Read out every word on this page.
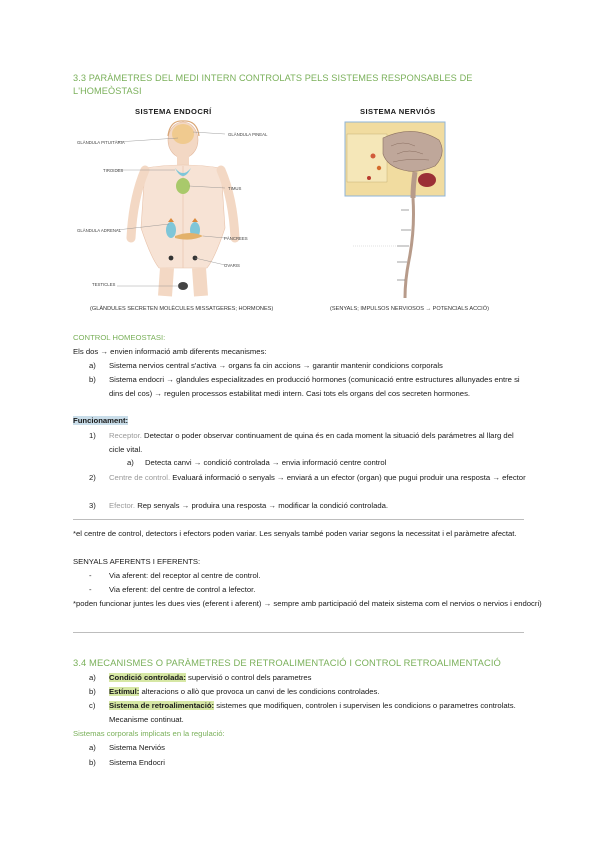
3.3 PARÀMETRES DEL MEDI INTERN CONTROLATS PELS SISTEMES RESPONSABLES DE L'HOMEÒSTASI
SISTEMA ENDOCRÍ
GLÀNDULA PINEAL
GLÀNDULA PITUITÀRIA
TIROIDES
TIMUS
GLÀNDULA ADRENAL
PÀNCREES
OVARIS
TESTICLES
(GLÀNDULES SECRETEN MOLÈCULES MISSATGERES; HORMONES)
SISTEMA NERVIÓS
(SENYALS; IMPULSOS NERVIOSOS → POTENCIALS ACCIÓ)
CONTROL HOMEOSTASI:
Els dos → envien informació amb diferents mecanismes:
a) Sistema nervios central s'activa → organs fa cin accions → garantir mantenir condicions corporals
b) Sistema endocri → glandules especialitzades en producció hormones (comunicació entre estructures allunyades entre si dins del cos) → regulen processos estabilitat medi intern. Casi tots els organs del cos secreten hormones.
Funcionament:
1) Receptor. Detectar o poder observar continuament de quina és en cada moment la situació dels parámetres al llarg del cicle vital.
a) Detecta canvi → condició controlada → envia informació centre control
2) Centre de control. Evaluará informació o senyals → enviará a un efector (organ) que pugui produir una resposta → efector
3) Efector. Rep senyals → produira una resposta → modificar la condició controlada.
*el centre de control, detectors i efectors poden variar. Les senyals també poden variar segons la necessitat i el paràmetre afectat.
SENYALS AFERENTS I EFERENTS:
- Via aferent: del receptor al centre de control.
- Via eferent: del centre de control a lefector.
*poden funcionar juntes les dues vies (eferent i aferent) → sempre amb participació del mateix sistema com el nervios o nervios i endocri)
3.4 MECANISMES O PARÀMETRES DE RETROALIMENTACIÓ I CONTROL RETROALIMENTACIÓ
a) Condició controlada: supervisió o control dels parametres
b) Estímul: alteracions o allò que provoca un canvi de les condicions controlades.
c) Sistema de retroalimentació: sistemes que modifiquen, controlen i supervisen les condicions o parametres controlats. Mecanisme continuat.
Sistemas corporals implicats en la regulació:
a) Sistema Nerviós
b) Sistema Endocri
